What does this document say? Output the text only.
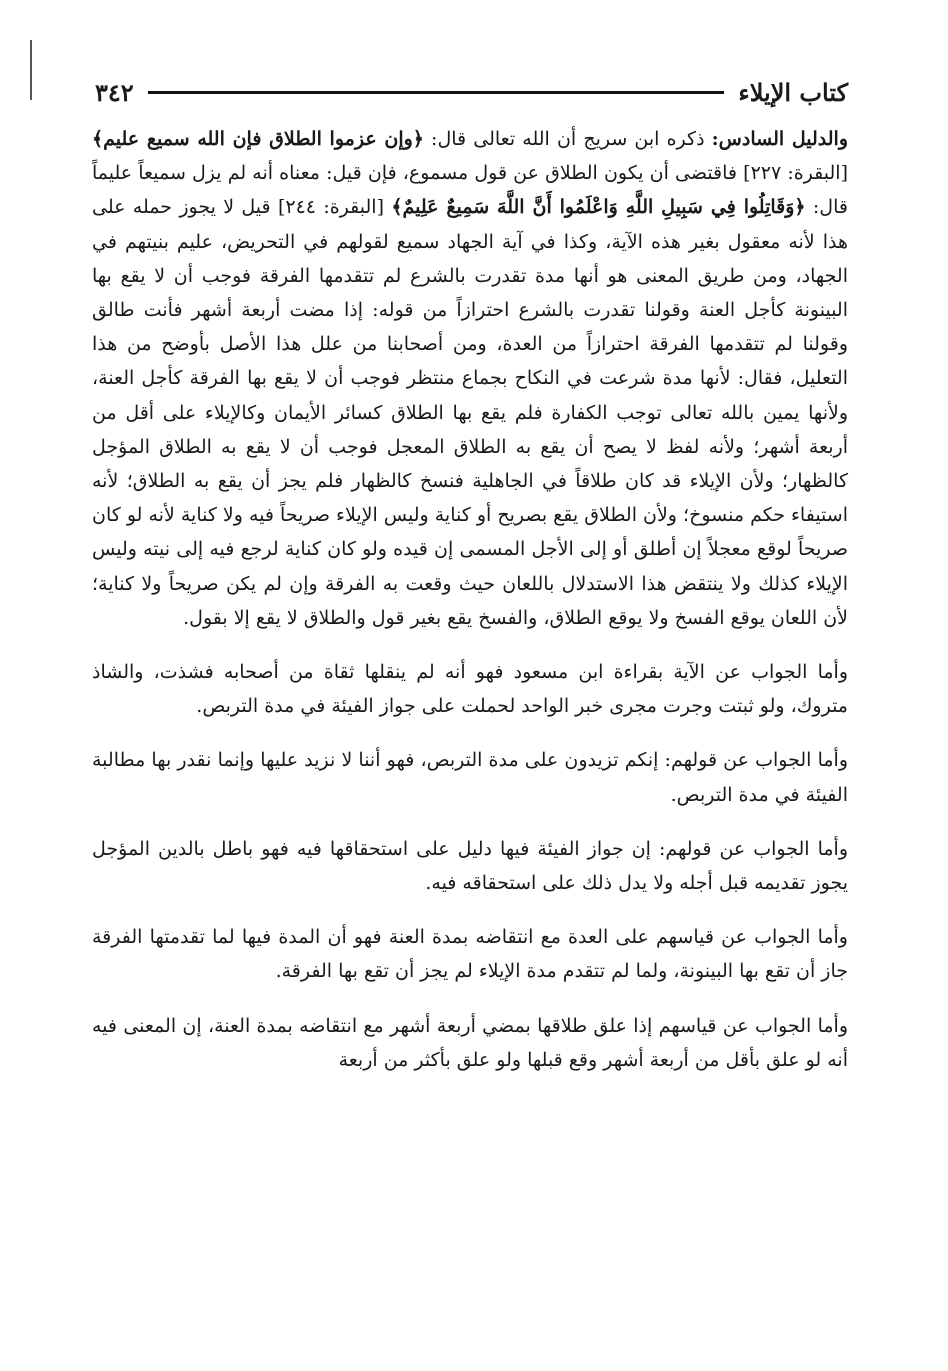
كتاب الإيلاء
٣٤٢

والدليل السادس: ذكره ابن سريج أن الله تعالى قال: ﴿وإن عزموا الطلاق فإن الله سميع عليم﴾ [البقرة: ٢٢٧] فاقتضى أن يكون الطلاق عن قول مسموع، فإن قيل: معناه أنه لم يزل سميعاً عليماً قال: ﴿وَقَاتِلُوا فِي سَبِيلِ اللَّهِ وَاعْلَمُوا أَنَّ اللَّهَ سَمِيعٌ عَلِيمٌ﴾ [البقرة: ٢٤٤] قيل لا يجوز حمله على هذا لأنه معقول بغير هذه الآية، وكذا في آية الجهاد سميع لقولهم في التحريض، عليم بنيتهم في الجهاد، ومن طريق المعنى هو أنها مدة تقدرت بالشرع لم تتقدمها الفرقة فوجب أن لا يقع بها البينونة كأجل العنة وقولنا تقدرت بالشرع احترازاً من قوله: إذا مضت أربعة أشهر فأنت طالق وقولنا لم تتقدمها الفرقة احترازاً من العدة، ومن أصحابنا من علل هذا الأصل بأوضح من هذا التعليل، فقال: لأنها مدة شرعت في النكاح بجماع منتظر فوجب أن لا يقع بها الفرقة كأجل العنة، ولأنها يمين بالله تعالى توجب الكفارة فلم يقع بها الطلاق كسائر الأيمان وكالإيلاء على أقل من أربعة أشهر؛ ولأنه لفظ لا يصح أن يقع به الطلاق المعجل فوجب أن لا يقع به الطلاق المؤجل كالظهار؛ ولأن الإيلاء قد كان طلاقاً في الجاهلية فنسخ كالظهار فلم يجز أن يقع به الطلاق؛ لأنه استيفاء حكم منسوخ؛ ولأن الطلاق يقع بصريح أو كناية وليس الإيلاء صريحاً فيه ولا كناية لأنه لو كان صريحاً لوقع معجلاً إن أطلق أو إلى الأجل المسمى إن قيده ولو كان كناية لرجع فيه إلى نيته وليس الإيلاء كذلك ولا ينتقض هذا الاستدلال باللعان حيث وقعت به الفرقة وإن لم يكن صريحاً ولا كناية؛ لأن اللعان يوقع الفسخ ولا يوقع الطلاق، والفسخ يقع بغير قول والطلاق لا يقع إلا بقول.

وأما الجواب عن الآية بقراءة ابن مسعود فهو أنه لم ينقلها ثقاة من أصحابه فشذت، والشاذ متروك، ولو ثبتت وجرت مجرى خبر الواحد لحملت على جواز الفيئة في مدة التربص.

وأما الجواب عن قولهم: إنكم تزيدون على مدة التربص، فهو أننا لا نزيد عليها وإنما نقدر بها مطالبة الفيئة في مدة التربص.

وأما الجواب عن قولهم: إن جواز الفيئة فيها دليل على استحقاقها فيه فهو باطل بالدين المؤجل يجوز تقديمه قبل أجله ولا يدل ذلك على استحقاقه فيه.

وأما الجواب عن قياسهم على العدة مع انتقاضه بمدة العنة فهو أن المدة فيها لما تقدمتها الفرقة جاز أن تقع بها البينونة، ولما لم تتقدم مدة الإيلاء لم يجز أن تقع بها الفرقة.

وأما الجواب عن قياسهم إذا علق طلاقها بمضي أربعة أشهر مع انتقاضه بمدة العنة، إن المعنى فيه أنه لو علق بأقل من أربعة أشهر وقع قبلها ولو علق بأكثر من أربعة
